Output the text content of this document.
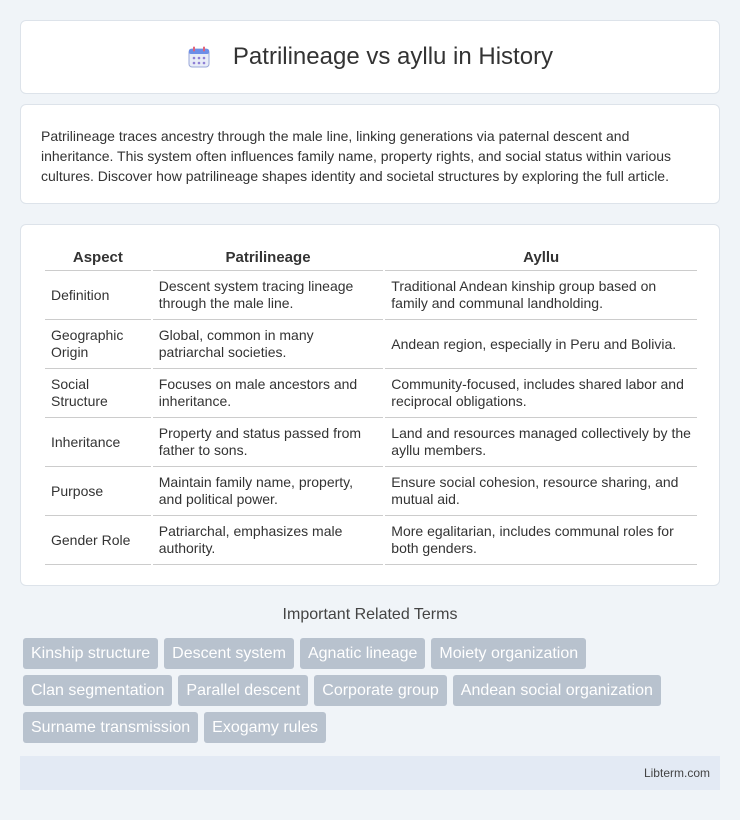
Patrilineage vs ayllu in History

Patrilineage traces ancestry through the male line, linking generations via paternal descent and inheritance. This system often influences family name, property rights, and social status within various cultures. Discover how patrilineage shapes identity and societal structures by exploring the full article.

Aspect	Patrilineage	Ayllu
Definition	Descent system tracing lineage through the male line.	Traditional Andean kinship group based on family and communal landholding.
Geographic Origin	Global, common in many patriarchal societies.	Andean region, especially in Peru and Bolivia.
Social Structure	Focuses on male ancestors and inheritance.	Community-focused, includes shared labor and reciprocal obligations.
Inheritance	Property and status passed from father to sons.	Land and resources managed collectively by the ayllu members.
Purpose	Maintain family name, property, and political power.	Ensure social cohesion, resource sharing, and mutual aid.
Gender Role	Patriarchal, emphasizes male authority.	More egalitarian, includes communal roles for both genders.
Important Related Terms
Kinship structure	Descent system	Agnatic lineage	Moiety organization
Clan segmentation	Parallel descent	Corporate group	Andean social organization
Surname transmission	Exogamy rules
Libterm.com
